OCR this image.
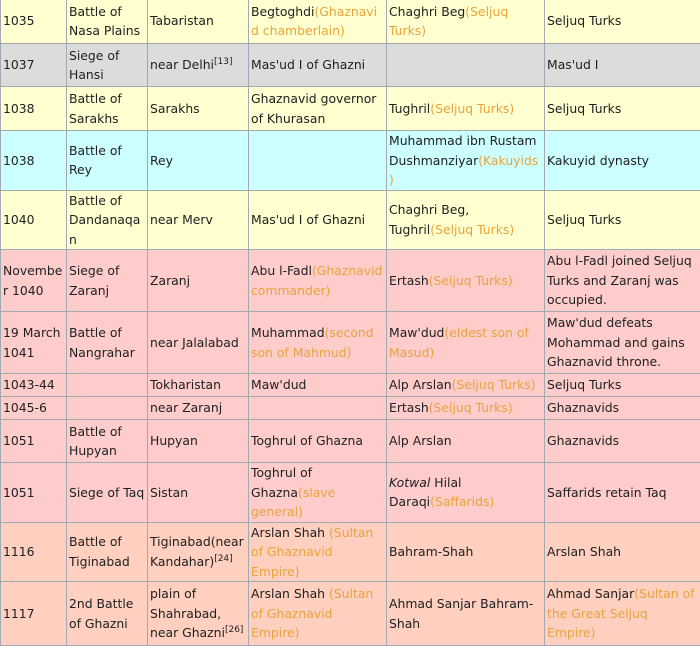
1035	Battle of Nasa Plains	Tabaristan	Begtoghdi(Ghaznavid chamberlain)	Chaghri Beg(Seljuq Turks)	Seljuq Turks
1037	Siege of Hansi	near Delhi[13]	Mas'ud I of Ghazni		Mas'ud I
1038	Battle of Sarakhs	Sarakhs	Ghaznavid governor of Khurasan	Tughril(Seljuq Turks)	Seljuq Turks
1038	Battle of Rey	Rey		Muhammad ibn Rustam Dushmanziyar(Kakuyids)	Kakuyid dynasty
1040	Battle of Dandanaqan	near Merv	Mas'ud I of Ghazni	Chaghri Beg, Tughril(Seljuq Turks)	Seljuq Turks
November 1040	Siege of Zaranj	Zaranj	Abu l-Fadl(Ghaznavid commander)	Ertash(Seljuq Turks)	Abu l-Fadl joined Seljuq Turks and Zaranj was occupied.
19 March 1041	Battle of Nangrahar	near Jalalabad	Muhammad(second son of Mahmud)	Maw'dud(eldest son of Masud)	Maw'dud defeats Mohammad and gains Ghaznavid throne.
1043-44		Tokharistan	Maw'dud	Alp Arslan(Seljuq Turks)	Seljuq Turks
1045-6		near Zaranj		Ertash(Seljuq Turks)	Ghaznavids
1051	Battle of Hupyan	Hupyan	Toghrul of Ghazna	Alp Arslan	Ghaznavids
1051	Siege of Taq	Sistan	Toghrul of Ghazna(slave general)	Kotwal Hilal Daraqi(Saffarids)	Saffarids retain Taq
1116	Battle of Tiginabad	Tiginabad(near Kandahar)[24]	Arslan Shah (Sultan of Ghaznavid Empire)	Bahram-Shah	Arslan Shah
1117	2nd Battle of Ghazni	plain of Shahrabad, near Ghazni[26]	Arslan Shah (Sultan of Ghaznavid Empire)	Ahmad Sanjar Bahram-Shah	Ahmad Sanjar(Sultan of the Great Seljuq Empire)
